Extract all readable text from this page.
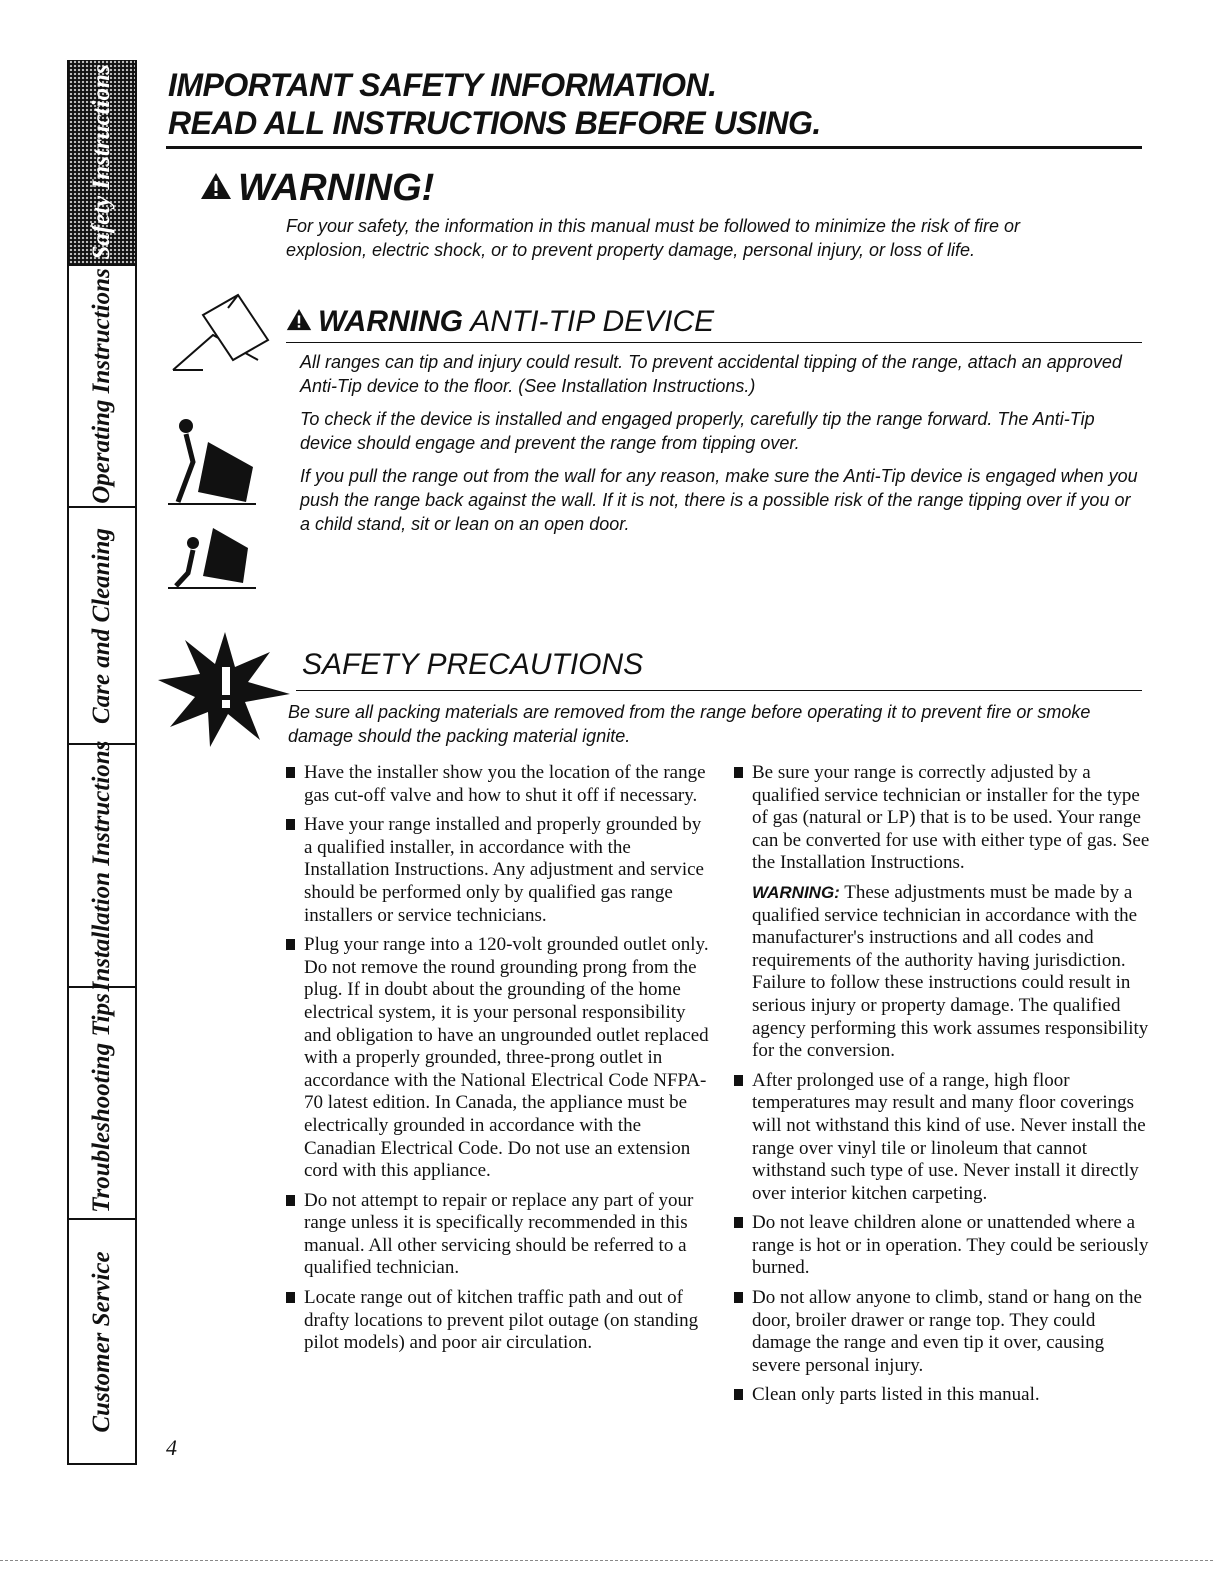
Safety Instructions
Operating Instructions
Care and Cleaning
Installation Instructions
Troubleshooting Tips
Customer Service
IMPORTANT SAFETY INFORMATION.
READ ALL INSTRUCTIONS BEFORE USING.
WARNING!

For your safety, the information in this manual must be followed to minimize the risk of fire or explosion, electric shock, or to prevent property damage, personal injury, or loss of life.

WARNING ANTI-TIP DEVICE

All ranges can tip and injury could result. To prevent accidental tipping of the range, attach an approved Anti-Tip device to the floor. (See Installation Instructions.)

To check if the device is installed and engaged properly, carefully tip the range forward. The Anti-Tip device should engage and prevent the range from tipping over.

If you pull the range out from the wall for any reason, make sure the Anti-Tip device is engaged when you push the range back against the wall. If it is not, there is a possible risk of the range tipping over if you or a child stand, sit or lean on an open door.

SAFETY PRECAUTIONS

Be sure all packing materials are removed from the range before operating it to prevent fire or smoke damage should the packing material ignite.

Have the installer show you the location of the range gas cut-off valve and how to shut it off if necessary.

Have your range installed and properly grounded by a qualified installer, in accordance with the Installation Instructions. Any adjustment and service should be performed only by qualified gas range installers or service technicians.

Plug your range into a 120-volt grounded outlet only. Do not remove the round grounding prong from the plug. If in doubt about the grounding of the home electrical system, it is your personal responsibility and obligation to have an ungrounded outlet replaced with a properly grounded, three-prong outlet in accordance with the National Electrical Code NFPA-70 latest edition. In Canada, the appliance must be electrically grounded in accordance with the Canadian Electrical Code. Do not use an extension cord with this appliance.

Do not attempt to repair or replace any part of your range unless it is specifically recommended in this manual. All other servicing should be referred to a qualified technician.

Locate range out of kitchen traffic path and out of drafty locations to prevent pilot outage (on standing pilot models) and poor air circulation.

Be sure your range is correctly adjusted by a qualified service technician or installer for the type of gas (natural or LP) that is to be used. Your range can be converted for use with either type of gas. See the Installation Instructions.

WARNING: These adjustments must be made by a qualified service technician in accordance with the manufacturer's instructions and all codes and requirements of the authority having jurisdiction. Failure to follow these instructions could result in serious injury or property damage. The qualified agency performing this work assumes responsibility for the conversion.

After prolonged use of a range, high floor temperatures may result and many floor coverings will not withstand this kind of use. Never install the range over vinyl tile or linoleum that cannot withstand such type of use. Never install it directly over interior kitchen carpeting.

Do not leave children alone or unattended where a range is hot or in operation. They could be seriously burned.

Do not allow anyone to climb, stand or hang on the door, broiler drawer or range top. They could damage the range and even tip it over, causing severe personal injury.

Clean only parts listed in this manual.

4
